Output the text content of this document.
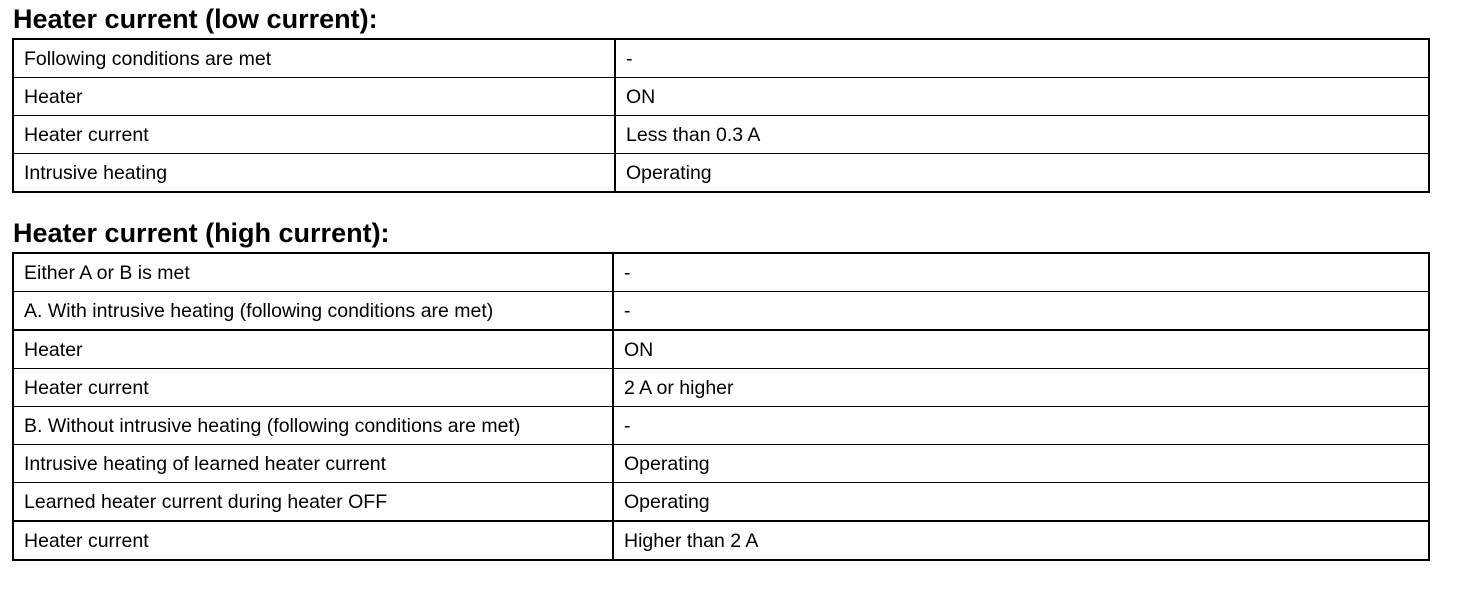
Heater current (low current):
Following conditions are met	-
Heater	ON
Heater current	Less than 0.3 A
Intrusive heating	Operating
Heater current (high current):
Either A or B is met	-
A. With intrusive heating (following conditions are met)	-
Heater	ON
Heater current	2 A or higher
B. Without intrusive heating (following conditions are met)	-
Intrusive heating of learned heater current	Operating
Learned heater current during heater OFF	Operating
Heater current	Higher than 2 A
